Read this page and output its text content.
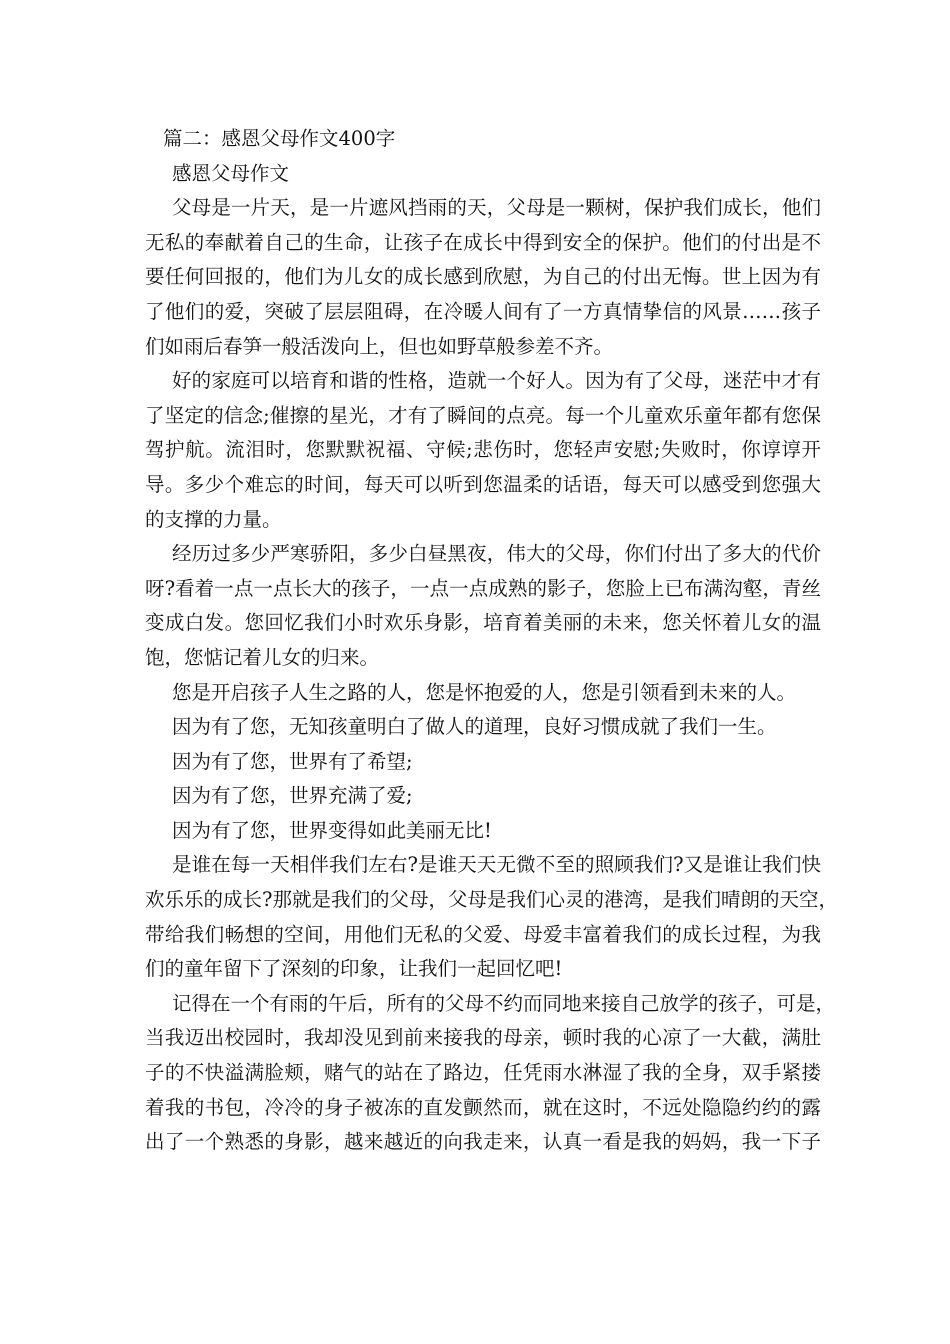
篇二：感恩父母作文400字
感恩父母作文
父母是一片天，是一片遮风挡雨的天，父母是一颗树，保护我们成长，他们
无私的奉献着自己的生命，让孩子在成长中得到安全的保护。他们的付出是不
要任何回报的，他们为儿女的成长感到欣慰，为自己的付出无悔。世上因为有
了他们的爱，突破了层层阻碍，在冷暖人间有了一方真情挚信的风景……孩子
们如雨后春笋一般活泼向上，但也如野草般参差不齐。
好的家庭可以培育和谐的性格，造就一个好人。因为有了父母，迷茫中才有
了坚定的信念;催擦的星光，才有了瞬间的点亮。每一个儿童欢乐童年都有您保
驾护航。流泪时，您默默祝福、守候;悲伤时，您轻声安慰;失败时，你谆谆开
导。多少个难忘的时间，每天可以听到您温柔的话语，每天可以感受到您强大
的支撑的力量。
经历过多少严寒骄阳，多少白昼黑夜，伟大的父母，你们付出了多大的代价
呀?看着一点一点长大的孩子，一点一点成熟的影子，您脸上已布满沟壑，青丝
变成白发。您回忆我们小时欢乐身影，培育着美丽的未来，您关怀着儿女的温
饱，您惦记着儿女的归来。
您是开启孩子人生之路的人，您是怀抱爱的人，您是引领看到未来的人。
因为有了您，无知孩童明白了做人的道理，良好习惯成就了我们一生。
因为有了您，世界有了希望;
因为有了您，世界充满了爱;
因为有了您，世界变得如此美丽无比!
是谁在每一天相伴我们左右?是谁天天无微不至的照顾我们?又是谁让我们快
欢乐乐的成长?那就是我们的父母，父母是我们心灵的港湾，是我们晴朗的天空，
带给我们畅想的空间，用他们无私的父爱、母爱丰富着我们的成长过程，为我
们的童年留下了深刻的印象，让我们一起回忆吧!
记得在一个有雨的午后，所有的父母不约而同地来接自己放学的孩子，可是，
当我迈出校园时，我却没见到前来接我的母亲，顿时我的心凉了一大截，满肚
子的不快溢满脸颊，赌气的站在了路边，任凭雨水淋湿了我的全身，双手紧搂
着我的书包，冷冷的身子被冻的直发颤然而，就在这时，不远处隐隐约约的露
出了一个熟悉的身影，越来越近的向我走来，认真一看是我的妈妈，我一下子
